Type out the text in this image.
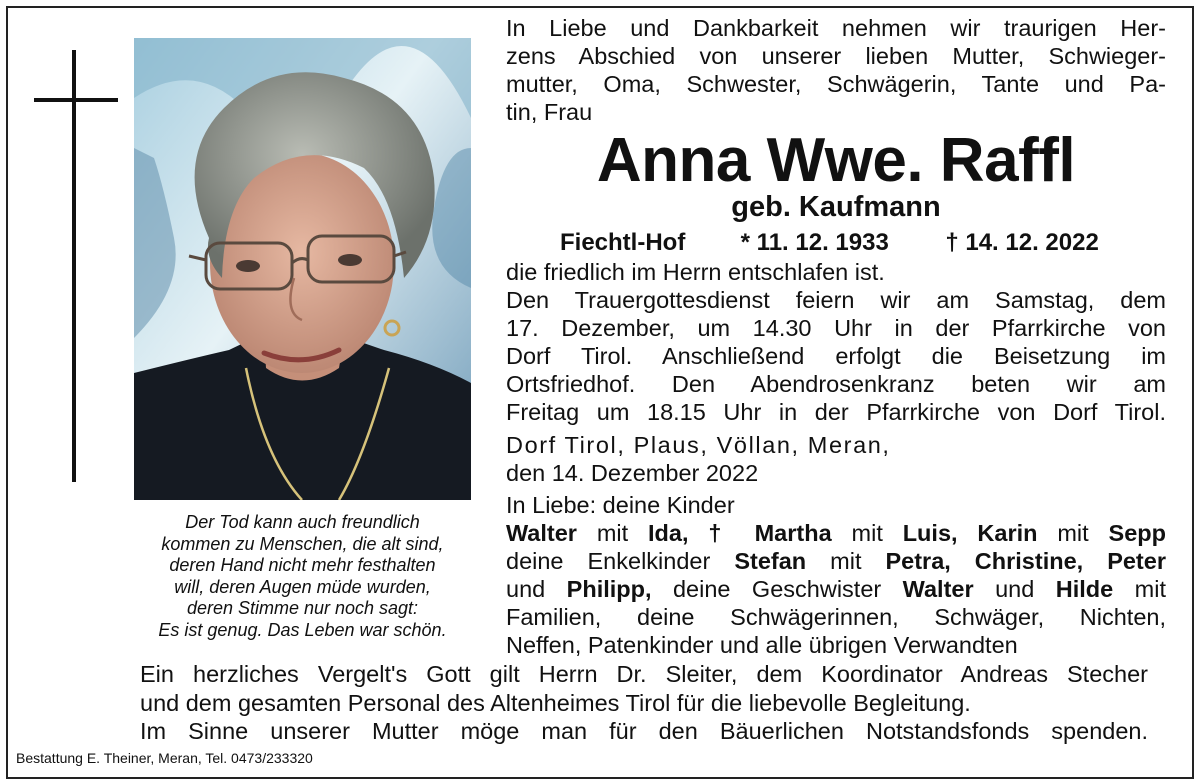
Der Tod kann auch freundlich
kommen zu Menschen, die alt sind,
deren Hand nicht mehr festhalten
will, deren Augen müde wurden,
deren Stimme nur noch sagt:
Es ist genug. Das Leben war schön.
In Liebe und Dankbarkeit nehmen wir traurigen Her-
zens Abschied von unserer lieben Mutter, Schwieger-
mutter, Oma, Schwester, Schwägerin, Tante und Pa-
tin, Frau
Anna Wwe. Raffl
geb. Kaufmann
Fiechtl-Hof * 11. 12. 1933 † 14. 12. 2022
die friedlich im Herrn entschlafen ist.
Den Trauergottesdienst feiern wir am Samstag, dem
17. Dezember, um 14.30 Uhr in der Pfarrkirche von
Dorf Tirol. Anschließend erfolgt die Beisetzung im
Ortsfriedhof. Den Abendrosenkranz beten wir am
Freitag um 18.15 Uhr in der Pfarrkirche von Dorf Tirol.
Dorf Tirol, Plaus, Völlan, Meran,
den 14. Dezember 2022
In Liebe: deine Kinder
Walter mit Ida, † Martha mit Luis, Karin mit Sepp
deine Enkelkinder Stefan mit Petra, Christine, Peter
und Philipp, deine Geschwister Walter und Hilde mit
Familien, deine Schwägerinnen, Schwäger, Nichten,
Neffen, Patenkinder und alle übrigen Verwandten
Ein herzliches Vergelt's Gott gilt Herrn Dr. Sleiter, dem Koordinator Andreas Stecher
und dem gesamten Personal des Altenheimes Tirol für die liebevolle Begleitung.
Im Sinne unserer Mutter möge man für den Bäuerlichen Notstandsfonds spenden.
Bestattung E. Theiner, Meran, Tel. 0473/233320
